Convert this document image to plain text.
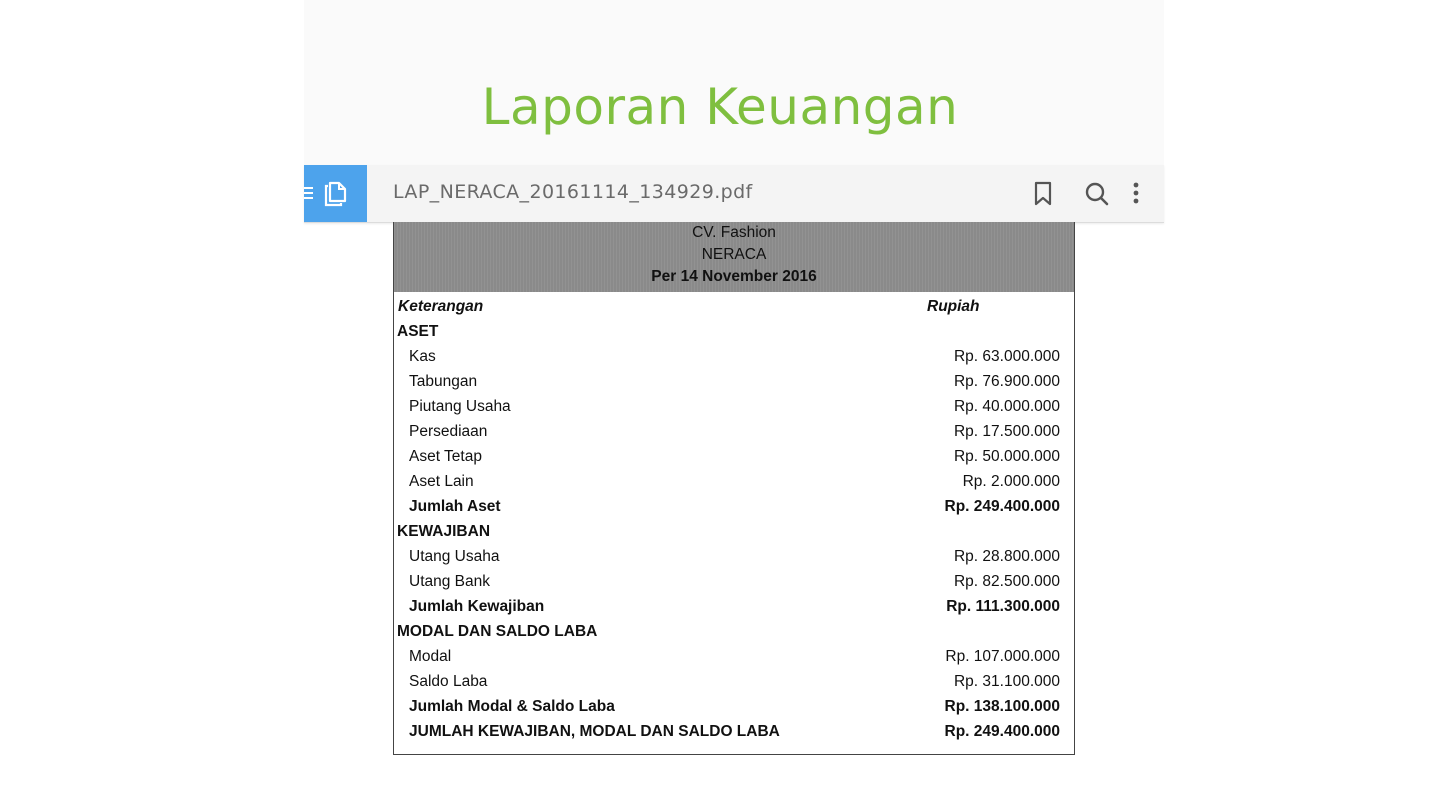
Laporan Keuangan
LAP_NERACA_20161114_134929.pdf
CV. Fashion
NERACA
Per 14 November 2016
Keterangan	Rupiah
ASET
Kas	Rp. 63.000.000
Tabungan	Rp. 76.900.000
Piutang Usaha	Rp. 40.000.000
Persediaan	Rp. 17.500.000
Aset Tetap	Rp. 50.000.000
Aset Lain	Rp. 2.000.000
Jumlah Aset	Rp. 249.400.000
KEWAJIBAN
Utang Usaha	Rp. 28.800.000
Utang Bank	Rp. 82.500.000
Jumlah Kewajiban	Rp. 111.300.000
MODAL DAN SALDO LABA
Modal	Rp. 107.000.000
Saldo Laba	Rp. 31.100.000
Jumlah Modal & Saldo Laba	Rp. 138.100.000
JUMLAH KEWAJIBAN, MODAL DAN SALDO LABA	Rp. 249.400.000
